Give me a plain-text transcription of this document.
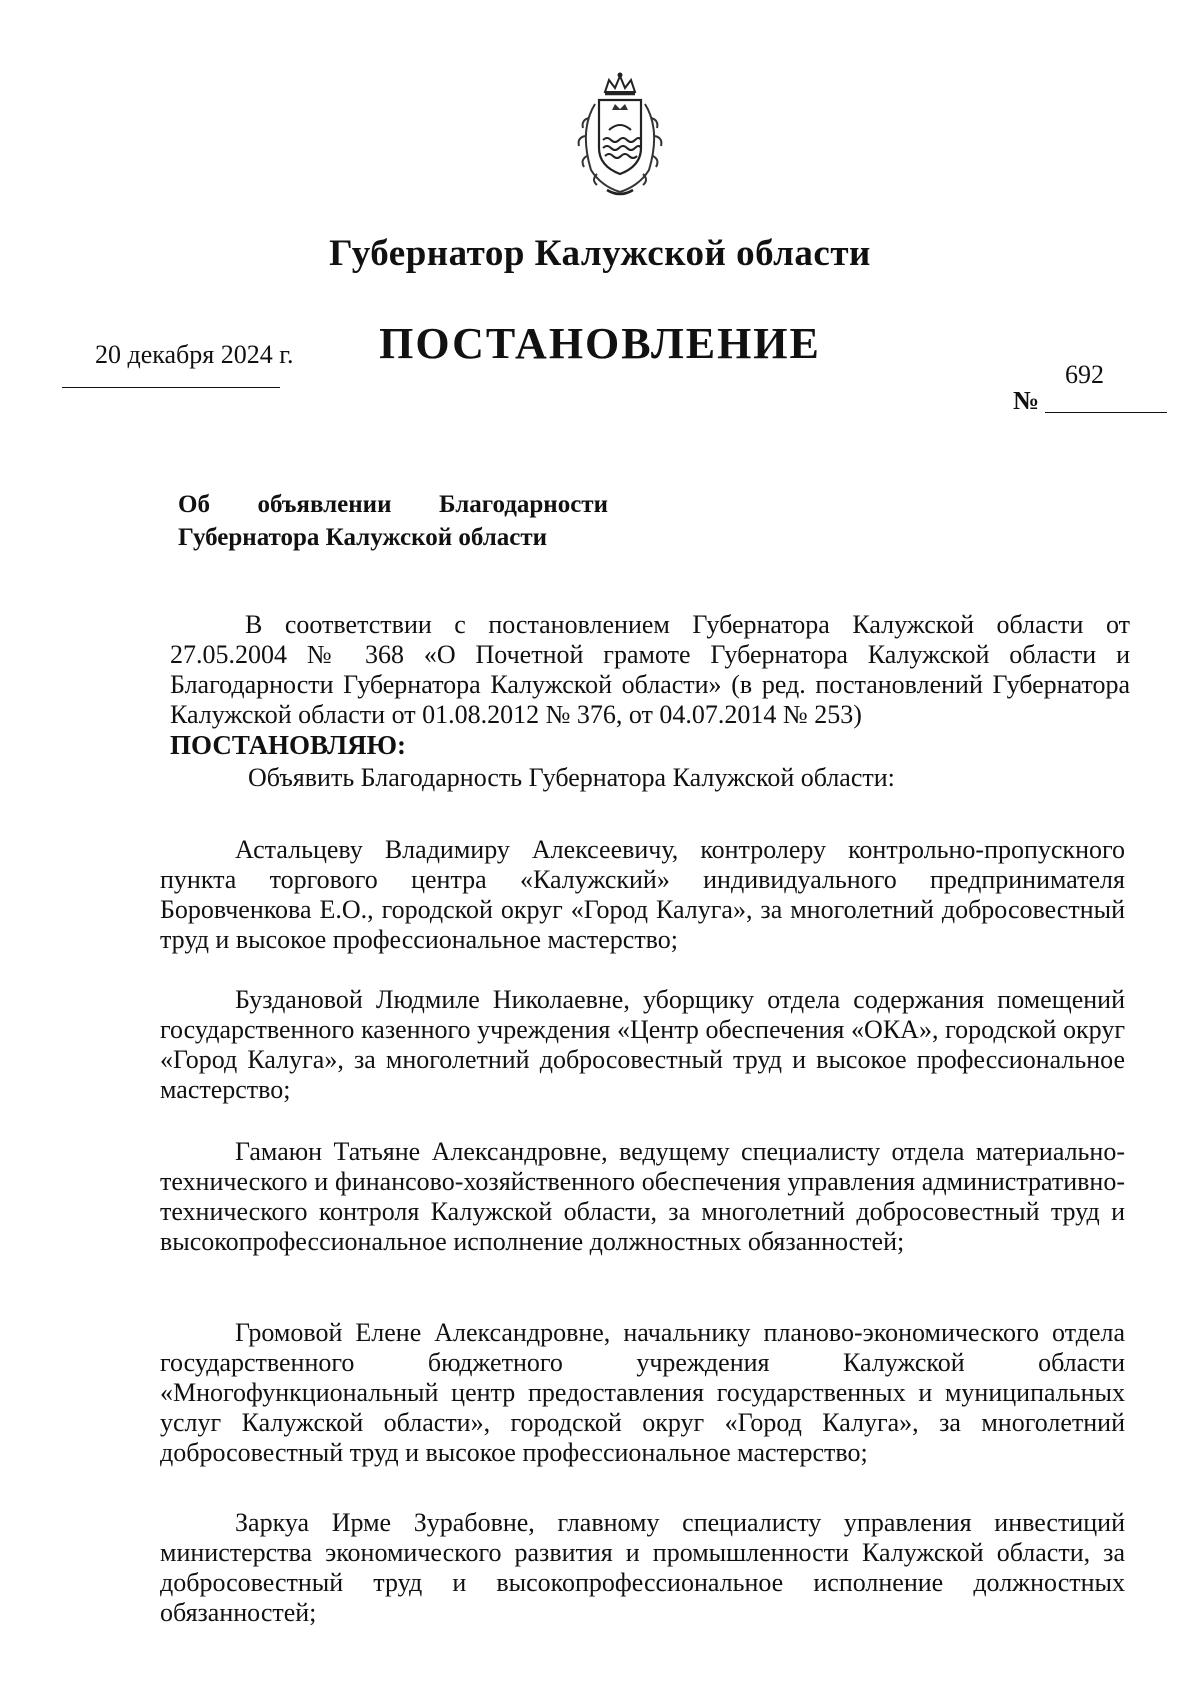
Губернатор Калужской области
ПОСТАНОВЛЕНИЕ
20 декабря 2024 г.
692
№
Об объявлении Благодарности
Губернатора Калужской области

В соответствии с постановлением Губернатора Калужской области от 27.05.2004 № 368 «О Почетной грамоте Губернатора Калужской области и Благодарности Губернатора Калужской области» (в ред. постановлений Губернатора Калужской области от 01.08.2012 № 376, от 04.07.2014 № 253)

ПОСТАНОВЛЯЮ:

Объявить Благодарность Губернатора Калужской области:

Астальцеву Владимиру Алексеевичу, контролеру контрольно-пропускного пункта торгового центра «Калужский» индивидуального предпринимателя Боровченкова Е.О., городской округ «Город Калуга», за многолетний добросовестный труд и высокое профессиональное мастерство;

Буздановой Людмиле Николаевне, уборщику отдела содержания помещений государственного казенного учреждения «Центр обеспечения «ОКА», городской округ «Город Калуга», за многолетний добросовестный труд и высокое профессиональное мастерство;

Гамаюн Татьяне Александровне, ведущему специалисту отдела материально-технического и финансово-хозяйственного обеспечения управления административно-технического контроля Калужской области, за многолетний добросовестный труд и высокопрофессиональное исполнение должностных обязанностей;

Громовой Елене Александровне, начальнику планово-экономического отдела государственного бюджетного учреждения Калужской области «Многофункциональный центр предоставления государственных и муниципальных услуг Калужской области», городской округ «Город Калуга», за многолетний добросовестный труд и высокое профессиональное мастерство;

Заркуа Ирме Зурабовне, главному специалисту управления инвестиций министерства экономического развития и промышленности Калужской области, за добросовестный труд и высокопрофессиональное исполнение должностных обязанностей;
